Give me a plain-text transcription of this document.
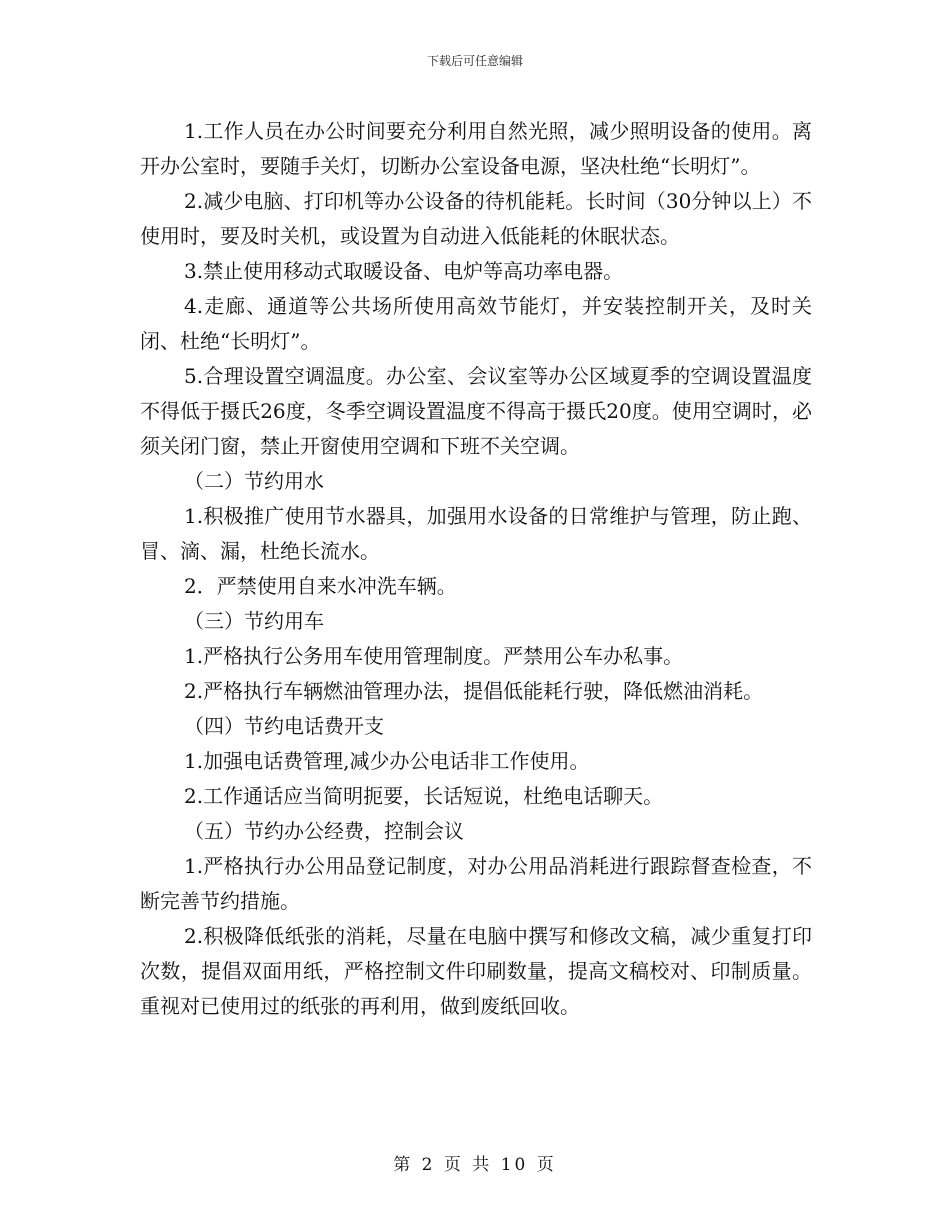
下载后可任意编辑

1.工作人员在办公时间要充分利用自然光照，减少照明设备的使用。离开办公室时，要随手关灯，切断办公室设备电源，坚决杜绝“长明灯”。

2.减少电脑、打印机等办公设备的待机能耗。长时间（30分钟以上）不使用时，要及时关机，或设置为自动进入低能耗的休眠状态。

3.禁止使用移动式取暖设备、电炉等高功率电器。

4.走廊、通道等公共场所使用高效节能灯，并安装控制开关，及时关闭、杜绝“长明灯”。

5.合理设置空调温度。办公室、会议室等办公区域夏季的空调设置温度不得低于摄氏26度，冬季空调设置温度不得高于摄氏20度。使用空调时，必须关闭门窗，禁止开窗使用空调和下班不关空调。

（二）节约用水

1.积极推广使用节水器具，加强用水设备的日常维护与管理，防止跑、冒、滴、漏，杜绝长流水。

2．严禁使用自来水冲洗车辆。

（三）节约用车

1.严格执行公务用车使用管理制度。严禁用公车办私事。

2.严格执行车辆燃油管理办法，提倡低能耗行驶，降低燃油消耗。

（四）节约电话费开支

1.加强电话费管理,减少办公电话非工作使用。

2.工作通话应当简明扼要，长话短说，杜绝电话聊天。

（五）节约办公经费，控制会议

1.严格执行办公用品登记制度，对办公用品消耗进行跟踪督查检查，不断完善节约措施。

2.积极降低纸张的消耗，尽量在电脑中撰写和修改文稿，减少重复打印次数，提倡双面用纸，严格控制文件印刷数量，提高文稿校对、印制质量。重视对已使用过的纸张的再利用，做到废纸回收。

第 2 页 共 10 页
